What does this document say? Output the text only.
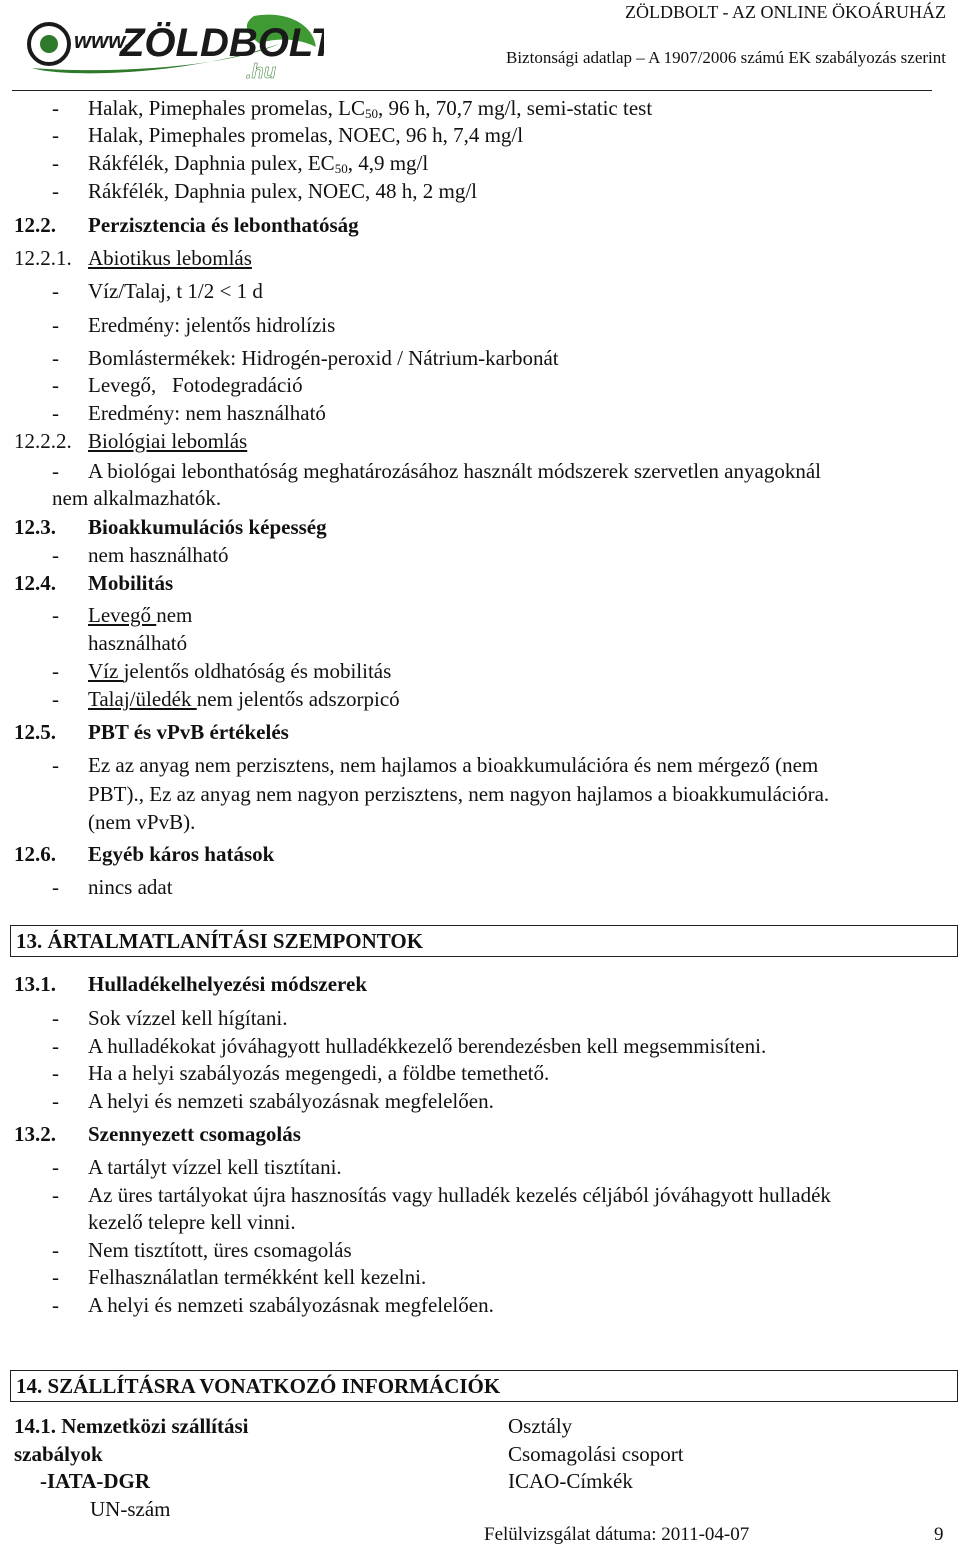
www.
ZÖLDBOLT
.hu
ZÖLDBOLT - AZ ONLINE ÖKOÁRUHÁZ
Biztonsági adatlap – A 1907/2006 számú EK szabályozás szerint
- Halak, Pimephales promelas, $LC_{50}$, 96 h, 70,7 mg/l, semi-static test
- Halak, Pimephales promelas, NOEC, 96 h, 7,4 mg/l
- Rákfélék, Daphnia pulex, $EC_{50}$, 4,9 mg/l
- Rákfélék, Daphnia pulex, NOEC, 48 h, 2 mg/l
12.2. Perzisztencia és lebonthatóság
12.2.1. Abiotikus lebomlás
- Víz/Talaj, t 1/2 < 1 d
- Eredmény: jelentős hidrolízis
- Bomlástermékek: Hidrogén-peroxid / Nátrium-karbonát
- Levegő,   Fotodegradáció
- Eredmény: nem használható
12.2.2. Biológiai lebomlás
- A biológai lebonthatóság meghatározásához használt módszerek szervetlen anyagoknál
nem alkalmazhatók.
12.3. Bioakkumulációs képesség
- nem használható
12.4. Mobilitás
- Levegő nem
használható
- Víz jelentős oldhatóság és mobilitás
- Talaj/üledék nem jelentős adszorpicó
12.5. PBT és vPvB értékelés
- Ez az anyag nem perzisztens, nem hajlamos a bioakkumulációra és nem mérgező (nem
PBT)., Ez az anyag nem nagyon perzisztens, nem nagyon hajlamos a bioakkumulációra.
(nem vPvB).
12.6. Egyéb káros hatások
- nincs adat
13. ÁRTALMATLANÍTÁSI SZEMPONTOK
13.1. Hulladékelhelyezési módszerek
- Sok vízzel kell hígítani.
- A hulladékokat jóváhagyott hulladékkezelő berendezésben kell megsemmisíteni.
- Ha a helyi szabályozás megengedi, a földbe temethető.
- A helyi és nemzeti szabályozásnak megfelelően.
13.2. Szennyezett csomagolás
- A tartályt vízzel kell tisztítani.
- Az üres tartályokat újra hasznosítás vagy hulladék kezelés céljából jóváhagyott hulladék
kezelő telepre kell vinni.
- Nem tisztított, üres csomagolás
- Felhasználatlan termékként kell kezelni.
- A helyi és nemzeti szabályozásnak megfelelően.
14. SZÁLLÍTÁSRA VONATKOZÓ INFORMÁCIÓK
14.1. Nemzetközi szállítási
szabályok
-IATA-DGR
UN-szám
Osztály
Csomagolási csoport
ICAO-Címkék
Felülvizsgálat dátuma: 2011-04-07	9
